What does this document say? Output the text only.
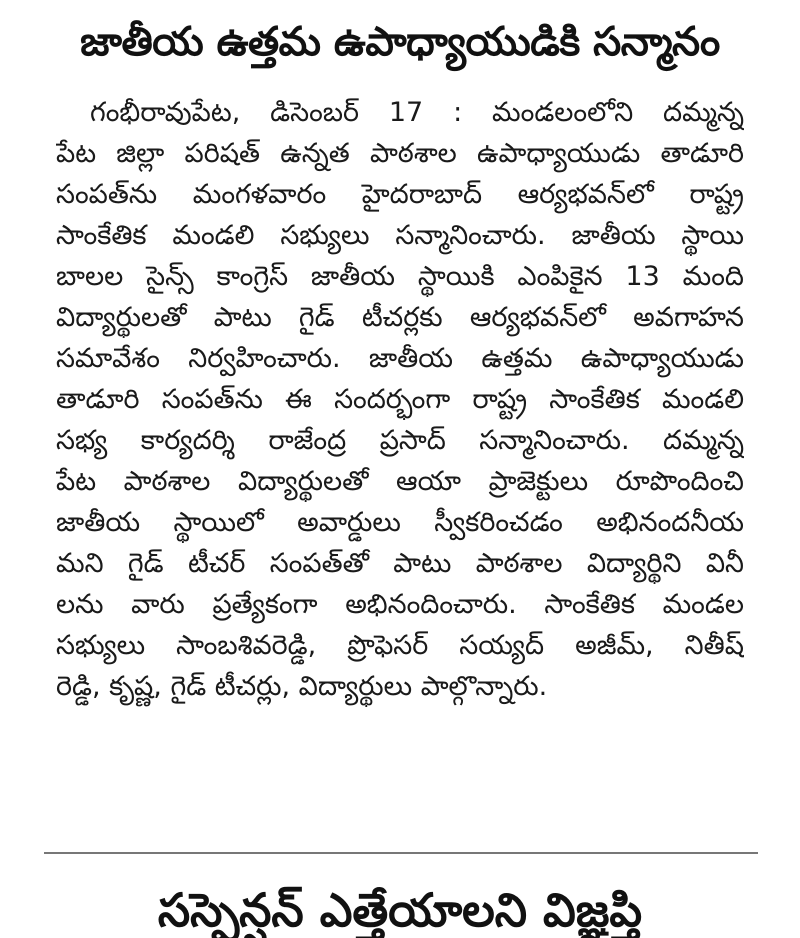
జాతీయ ఉత్తమ ఉపాధ్యాయుడికి సన్మానం
గంభీరావుపేట, డిసెంబర్ 17 : మండలంలోని దమ్మన్న
పేట జిల్లా పరిషత్ ఉన్నత పాఠశాల ఉపాధ్యాయుడు తాడూరి
సంపత్‌ను మంగళవారం హైదరాబాద్ ఆర్యభవన్‌లో రాష్ట్ర
సాంకేతిక మండలి సభ్యులు సన్మానించారు. జాతీయ స్థాయి
బాలల సైన్స్ కాంగ్రెస్ జాతీయ స్థాయికి ఎంపికైన 13 మంది
విద్యార్థులతో పాటు గైడ్ టీచర్లకు ఆర్యభవన్‌లో అవగాహన
సమావేశం నిర్వహించారు. జాతీయ ఉత్తమ ఉపాధ్యాయుడు
తాడూరి సంపత్‌ను ఈ సందర్భంగా రాష్ట్ర సాంకేతిక మండలి
సభ్య కార్యదర్శి రాజేంద్ర ప్రసాద్ సన్మానించారు. దమ్మన్న
పేట పాఠశాల విద్యార్థులతో ఆయా ప్రాజెక్టులు రూపొందించి
జాతీయ స్థాయిలో అవార్డులు స్వీకరించడం అభినందనీయ
మని గైడ్ టీచర్ సంపత్‌తో పాటు పాఠశాల విద్యార్థిని వినీ
లను వారు ప్రత్యేకంగా అభినందించారు. సాంకేతిక మండల
సభ్యులు సాంబశివరెడ్డి, ప్రొఫెసర్ సయ్యద్ అజీమ్, నితీష్
రెడ్డి, కృష్ణ, గైడ్ టీచర్లు, విద్యార్థులు పాల్గొన్నారు.
సస్పెన్షన్ ఎత్తేయాలని విజ్ఞప్తి
